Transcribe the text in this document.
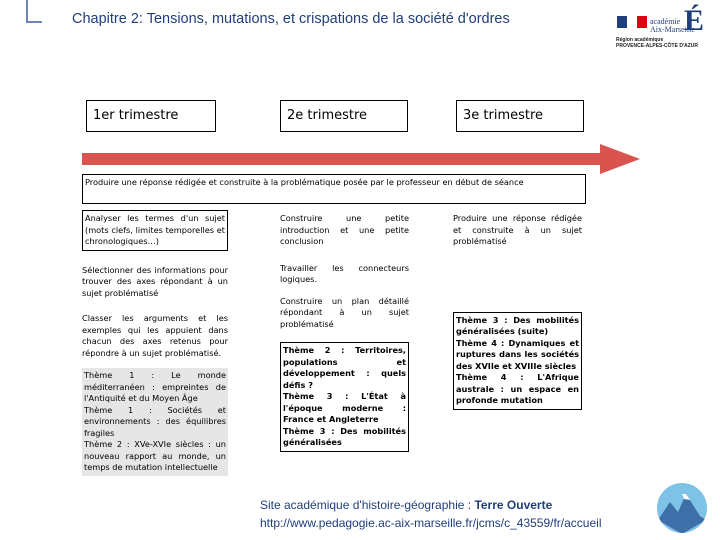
Chapitre 2: Tensions, mutations, et crispations de la société d'ordres	académie
Aix-Marseille
É
Région académique
PROVENCE-ALPES-CÔTE D'AZUR
1er trimestre	2e trimestre	3e trimestre
Produire une réponse rédigée et construite à la problématique posée par le professeur en début de séance

Analyser les termes d'un sujet (mots clefs, limites temporelles et chronologiques…)

Sélectionner des informations pour trouver des axes répondant à un sujet problématisé

Classer les arguments et les exemples qui les appuient dans chacun des axes retenus pour répondre à un sujet problématisé.

Thème 1 : Le monde méditerranéen : empreintes de l'Antiquité et du Moyen Âge

Thème 1 : Sociétés et environnements : des équilibres fragiles

Thème 2 : XVe-XVIe siècles : un nouveau rapport au monde, un temps de mutation intellectuelle

Construire une petite introduction et une petite conclusion

Travailler les connecteurs logiques.

Construire un plan détaillé répondant à un sujet problématisé

Thème 2 : Territoires, populations et développement : quels défis ?

Thème 3 : L'État à l'époque moderne : France et Angleterre

Thème 3 : Des mobilités généralisées

Produire une réponse rédigée et construite à un sujet problématisé

Thème 3 : Des mobilités généralisées (suite)

Thème 4 : Dynamiques et ruptures dans les sociétés des XVIIe et XVIIIe siècles

Thème 4 : L'Afrique australe : un espace en profonde mutation

Site académique d'histoire-géographie : Terre Ouverte
http://www.pedagogie.ac-aix-marseille.fr/jcms/c_43559/fr/accueil
